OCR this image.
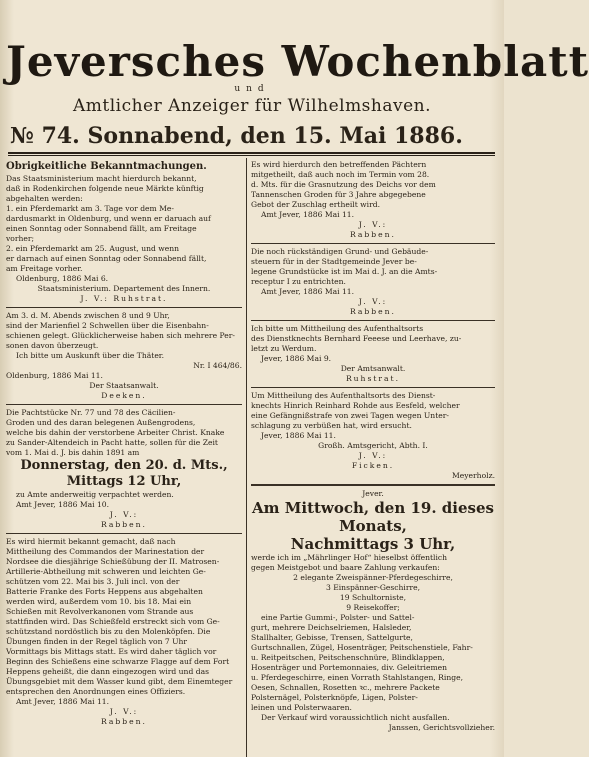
Jeversches Wochenblatt
und
Amtlicher Anzeiger für Wilhelmshaven.
№ 74. Sonnabend, den 15. Mai 1886.
Obrigkeitliche Bekanntmachungen.

Das Staatsministerium macht hierdurch bekannt,

daß in Rodenkirchen folgende neue Märkte künftig

abgehalten werden:

1. ein Pferdemarkt am 3. Tage vor dem Me-

dardusmarkt in Oldenburg, und wenn er daruach auf

einen Sonntag oder Sonnabend fällt, am Freitage

vorher;

2. ein Pferdemarkt am 25. August, und wenn

er darnach auf einen Sonntag oder Sonnabend fällt,

am Freitage vorher.

Oldenburg, 1886 Mai 6.

Staatsministerium. Departement des Innern.

J. V.: Ruhstrat.

Am 3. d. M. Abends zwischen 8 und 9 Uhr,

sind der Marienfiel 2 Schwellen über die Eisenbahn-

schienen gelegt. Glücklicherweise haben sich mehrere Per-

sonen davon überzeugt.

Ich bitte um Auskunft über die Thäter.

Nr. I 464/86.

Oldenburg, 1886 Mai 11.

Der Staatsanwalt.

Deeken.

Die Pachtstücke Nr. 77 und 78 des Cäcilien-

Groden und des daran belegenen Außengrodens,

welche bis dahin der verstorbene Arbeiter Christ. Knake

zu Sander-Altendeich in Pacht hatte, sollen für die Zeit

vom 1. Mai d. J. bis dahin 1891 am

Donnerstag, den 20. d. Mts.,
Mittags 12 Uhr,

zu Amte anderweitig verpachtet werden.

Amt Jever, 1886 Mai 10.

J. V.:
Rabben.

Es wird hiermit bekannt gemacht, daß nach

Mittheilung des Commandos der Marinestation der

Nordsee die diesjährige Schießübung der II. Matrosen-

Artillerie-Abtheilung mit schweren und leichten Ge-

schützen vom 22. Mai bis 3. Juli incl. von der

Batterie Franke des Forts Heppens aus abgehalten

werden wird, außerdem vom 10. bis 18. Mai ein

Schießen mit Revolverkanonen vom Strande aus

stattfinden wird. Das Schießfeld erstreckt sich vom Ge-

schützstand nordöstlich bis zu den Molenköpfen. Die

Übungen finden in der Regel täglich von 7 Uhr

Vormittags bis Mittags statt. Es wird daher täglich vor

Beginn des Schießens eine schwarze Flagge auf dem Fort

Heppens geheißt, die dann eingezogen wird und das

Übungsgebiet mit dem Wasser kund gibt, dem Einemteger

entsprechen den Anordnungen eines Offiziers.

Amt Jever, 1886 Mai 11.

J. V.:
Rabben.

Es wird hierdurch den betreffenden Pächtern

mitgetheilt, daß auch noch im Termin vom 28.

d. Mts. für die Grasnutzung des Deichs vor dem

Tannenschen Groden für 3 Jahre abgegebene

Gebot der Zuschlag ertheilt wird.

Amt Jever, 1886 Mai 11.

J. V.:
Rabben.

Die noch rückständigen Grund- und Gebäude-

steuern für in der Stadtgemeinde Jever be-

legene Grundstücke ist im Mai d. J. an die Amts-

receptur I zu entrichten.

Amt Jever, 1886 Mai 11.

J. V.:
Rabben.

Ich bitte um Mittheilung des Aufenthaltsorts

des Dienstknechts Bernhard Feeese und Leerhave, zu-

letzt zu Werdum.

Jever, 1886 Mai 9.

Der Amtsanwalt.

Ruhstrat.

Um Mittheilung des Aufenthaltsorts des Dienst-

knechts Hinrich Reinhard Rohde aus Eesfeld, welcher

eine Gefängnißstrafe von zwei Tagen wegen Unter-

schlagung zu verbüßen hat, wird ersucht.

Jever, 1886 Mai 11.

Großh. Amtsgericht, Abth. I.

J. V.:
Ficken.

Meyerholz.

Jever.

Am Mittwoch, den 19. dieses Monats,
Nachmittags 3 Uhr,

werde ich im „Mährlinger Hof“ hieselbst öffentlich

gegen Meistgebot und baare Zahlung verkaufen:

2 elegante Zweispänner-Pferdegeschirre,

3 Einspänner-Geschirre,

19 Schultorniste,

9 Reisekoffer;

eine Partie Gummi-, Polster- und Sattel-

gurt, mehrere Deichselriemen, Halsleder,

Stallhalter, Gebisse, Trensen, Sattelgurte,

Gurtschnallen, Zügel, Hosenträger, Peitschenstiele, Fahr-

u. Reitpeitschen, Peitschenschnüre, Blindklappen,

Hosenträger und Portemonnaies, div. Geleitriemen

u. Pferdegeschirre, einen Vorrath Stahlstangen, Ringe,

Oesen, Schnallen, Rosetten ꝛc., mehrere Packete

Polsternägel, Polsterknöpfe, Ligen, Polster-

leinen und Polsterwaaren.

Der Verkauf wird voraussichtlich nicht ausfallen.

Janssen, Gerichtsvollzieher.
